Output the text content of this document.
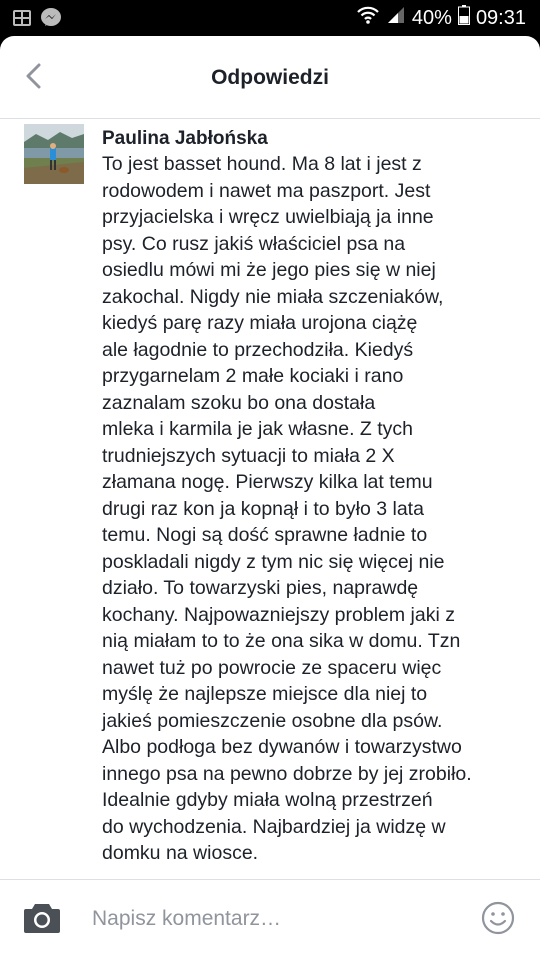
40% 09:31
Odpowiedzi
Paulina Jabłońska
To jest basset hound. Ma 8 lat i jest z
rodowodem i nawet ma paszport. Jest
przyjacielska i wręcz uwielbiają ja inne
psy. Co rusz jakiś właściciel psa na
osiedlu mówi mi że jego pies się w niej
zakochal. Nigdy nie miała szczeniaków,
kiedyś parę razy miała urojona ciążę
ale łagodnie to przechodziła. Kiedyś
przygarnelam 2 małe kociaki i rano
zaznalam szoku bo ona dostała
mleka i karmila je jak własne. Z tych
trudniejszych sytuacji to miała 2 X
złamana nogę. Pierwszy kilka lat temu
drugi raz kon ja kopnął i to było 3 lata
temu. Nogi są dość sprawne ładnie to
poskladali nigdy z tym nic się więcej nie
działo. To towarzyski pies, naprawdę
kochany. Najpowazniejszy problem jaki z
nią miałam to to że ona sika w domu. Tzn
nawet tuż po powrocie ze spaceru więc
myślę że najlepsze miejsce dla niej to
jakieś pomieszczenie osobne dla psów.
Albo podłoga bez dywanów i towarzystwo
innego psa na pewno dobrze by jej zrobiło.
Idealnie gdyby miała wolną przestrzeń
do wychodzenia. Najbardziej ja widzę w
domku na wiosce.
Napisz komentarz…
